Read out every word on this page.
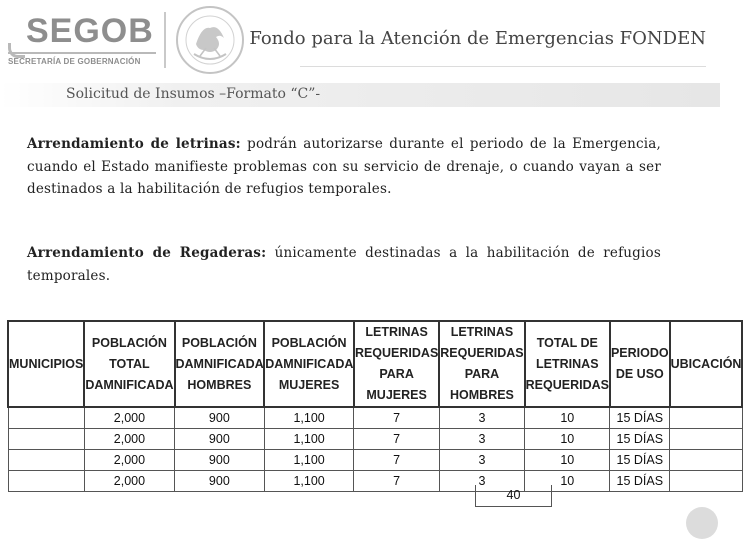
SEGOB
SECRETARÍA DE GOBERNACIÓN
Fondo para la Atención de Emergencias FONDEN
Solicitud de Insumos –Formato “C”-
Arrendamiento de letrinas: podrán autorizarse durante el periodo de la Emergencia, cuando el Estado manifieste problemas con su servicio de drenaje, o cuando vayan a ser destinados a la habilitación de refugios temporales.
Arrendamiento de Regaderas: únicamente destinadas a la habilitación de refugios temporales.
MUNICIPIOS	POBLACIÓN TOTAL DAMNIFICADA	POBLACIÓN DAMNIFICADA HOMBRES	POBLACIÓN DAMNIFICADA MUJERES	LETRINAS REQUERIDAS PARA MUJERES	LETRINAS REQUERIDAS PARA HOMBRES	TOTAL DE LETRINAS REQUERIDAS	PERIODO DE USO	UBICACIÓN
	2,000	900	1,100	7	3	10	15 DÍAS	
	2,000	900	1,100	7	3	10	15 DÍAS	
	2,000	900	1,100	7	3	10	15 DÍAS	
	2,000	900	1,100	7	3	10	15 DÍAS	
40
